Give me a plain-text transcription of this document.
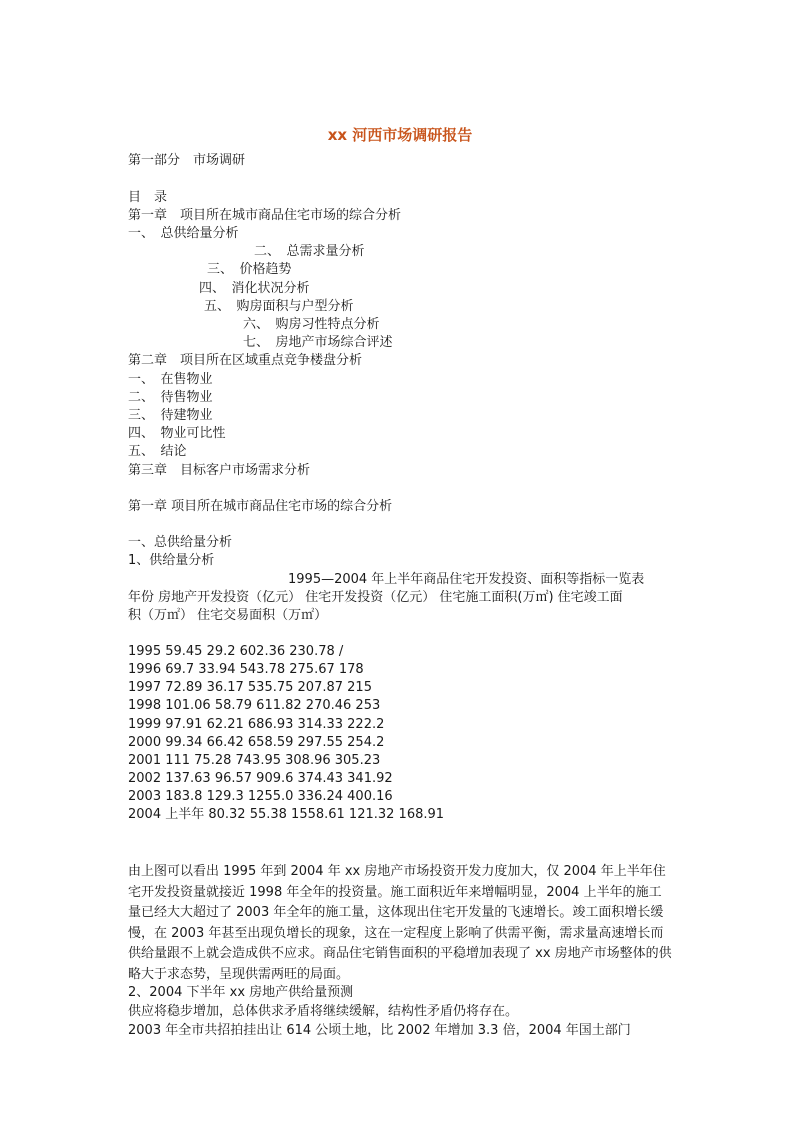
xx 河西市场调研报告
第一部分　市场调研
目　录
第一章　项目所在城市商品住宅市场的综合分析
一、　总供给量分析
二、　总需求量分析
三、　价格趋势
四、　消化状况分析
五、　购房面积与户型分析
六、　购房习性特点分析
七、　房地产市场综合评述
第二章　项目所在区域重点竞争楼盘分析
一、　在售物业
二、　待售物业
三、　待建物业
四、　物业可比性
五、　结论
第三章　目标客户市场需求分析
第一章 项目所在城市商品住宅市场的综合分析
一、总供给量分析
1、供给量分析
1995—2004 年上半年商品住宅开发投资、面积等指标一览表
年份 房地产开发投资（亿元） 住宅开发投资（亿元） 住宅施工面积(万㎡) 住宅竣工面
积（万㎡） 住宅交易面积（万㎡）
1995 59.45 29.2 602.36 230.78 /
1996 69.7 33.94 543.78 275.67 178
1997 72.89 36.17 535.75 207.87 215
1998 101.06 58.79 611.82 270.46 253
1999 97.91 62.21 686.93 314.33 222.2
2000 99.34 66.42 658.59 297.55 254.2
2001 111 75.28 743.95 308.96 305.23
2002 137.63 96.57 909.6 374.43 341.92
2003 183.8 129.3 1255.0 336.24 400.16
2004 上半年 80.32 55.38 1558.61 121.32 168.91
由上图可以看出 1995 年到 2004 年 xx 房地产市场投资开发力度加大，仅 2004 年上半年住宅开发投资量就接近 1998 年全年的投资量。施工面积近年来增幅明显，2004 上半年的施工量已经大大超过了 2003 年全年的施工量，这体现出住宅开发量的飞速增长。竣工面积增长缓慢，在 2003 年甚至出现负增长的现象，这在一定程度上影响了供需平衡，需求量高速增长而供给量跟不上就会造成供不应求。商品住宅销售面积的平稳增加表现了 xx 房地产市场整体的供略大于求态势，呈现供需两旺的局面。
2、2004 下半年 xx 房地产供给量预测
供应将稳步增加，总体供求矛盾将继续缓解，结构性矛盾仍将存在。
2003 年全市共招拍挂出让 614 公顷土地，比 2002 年增加 3.3 倍，2004 年国土部门
